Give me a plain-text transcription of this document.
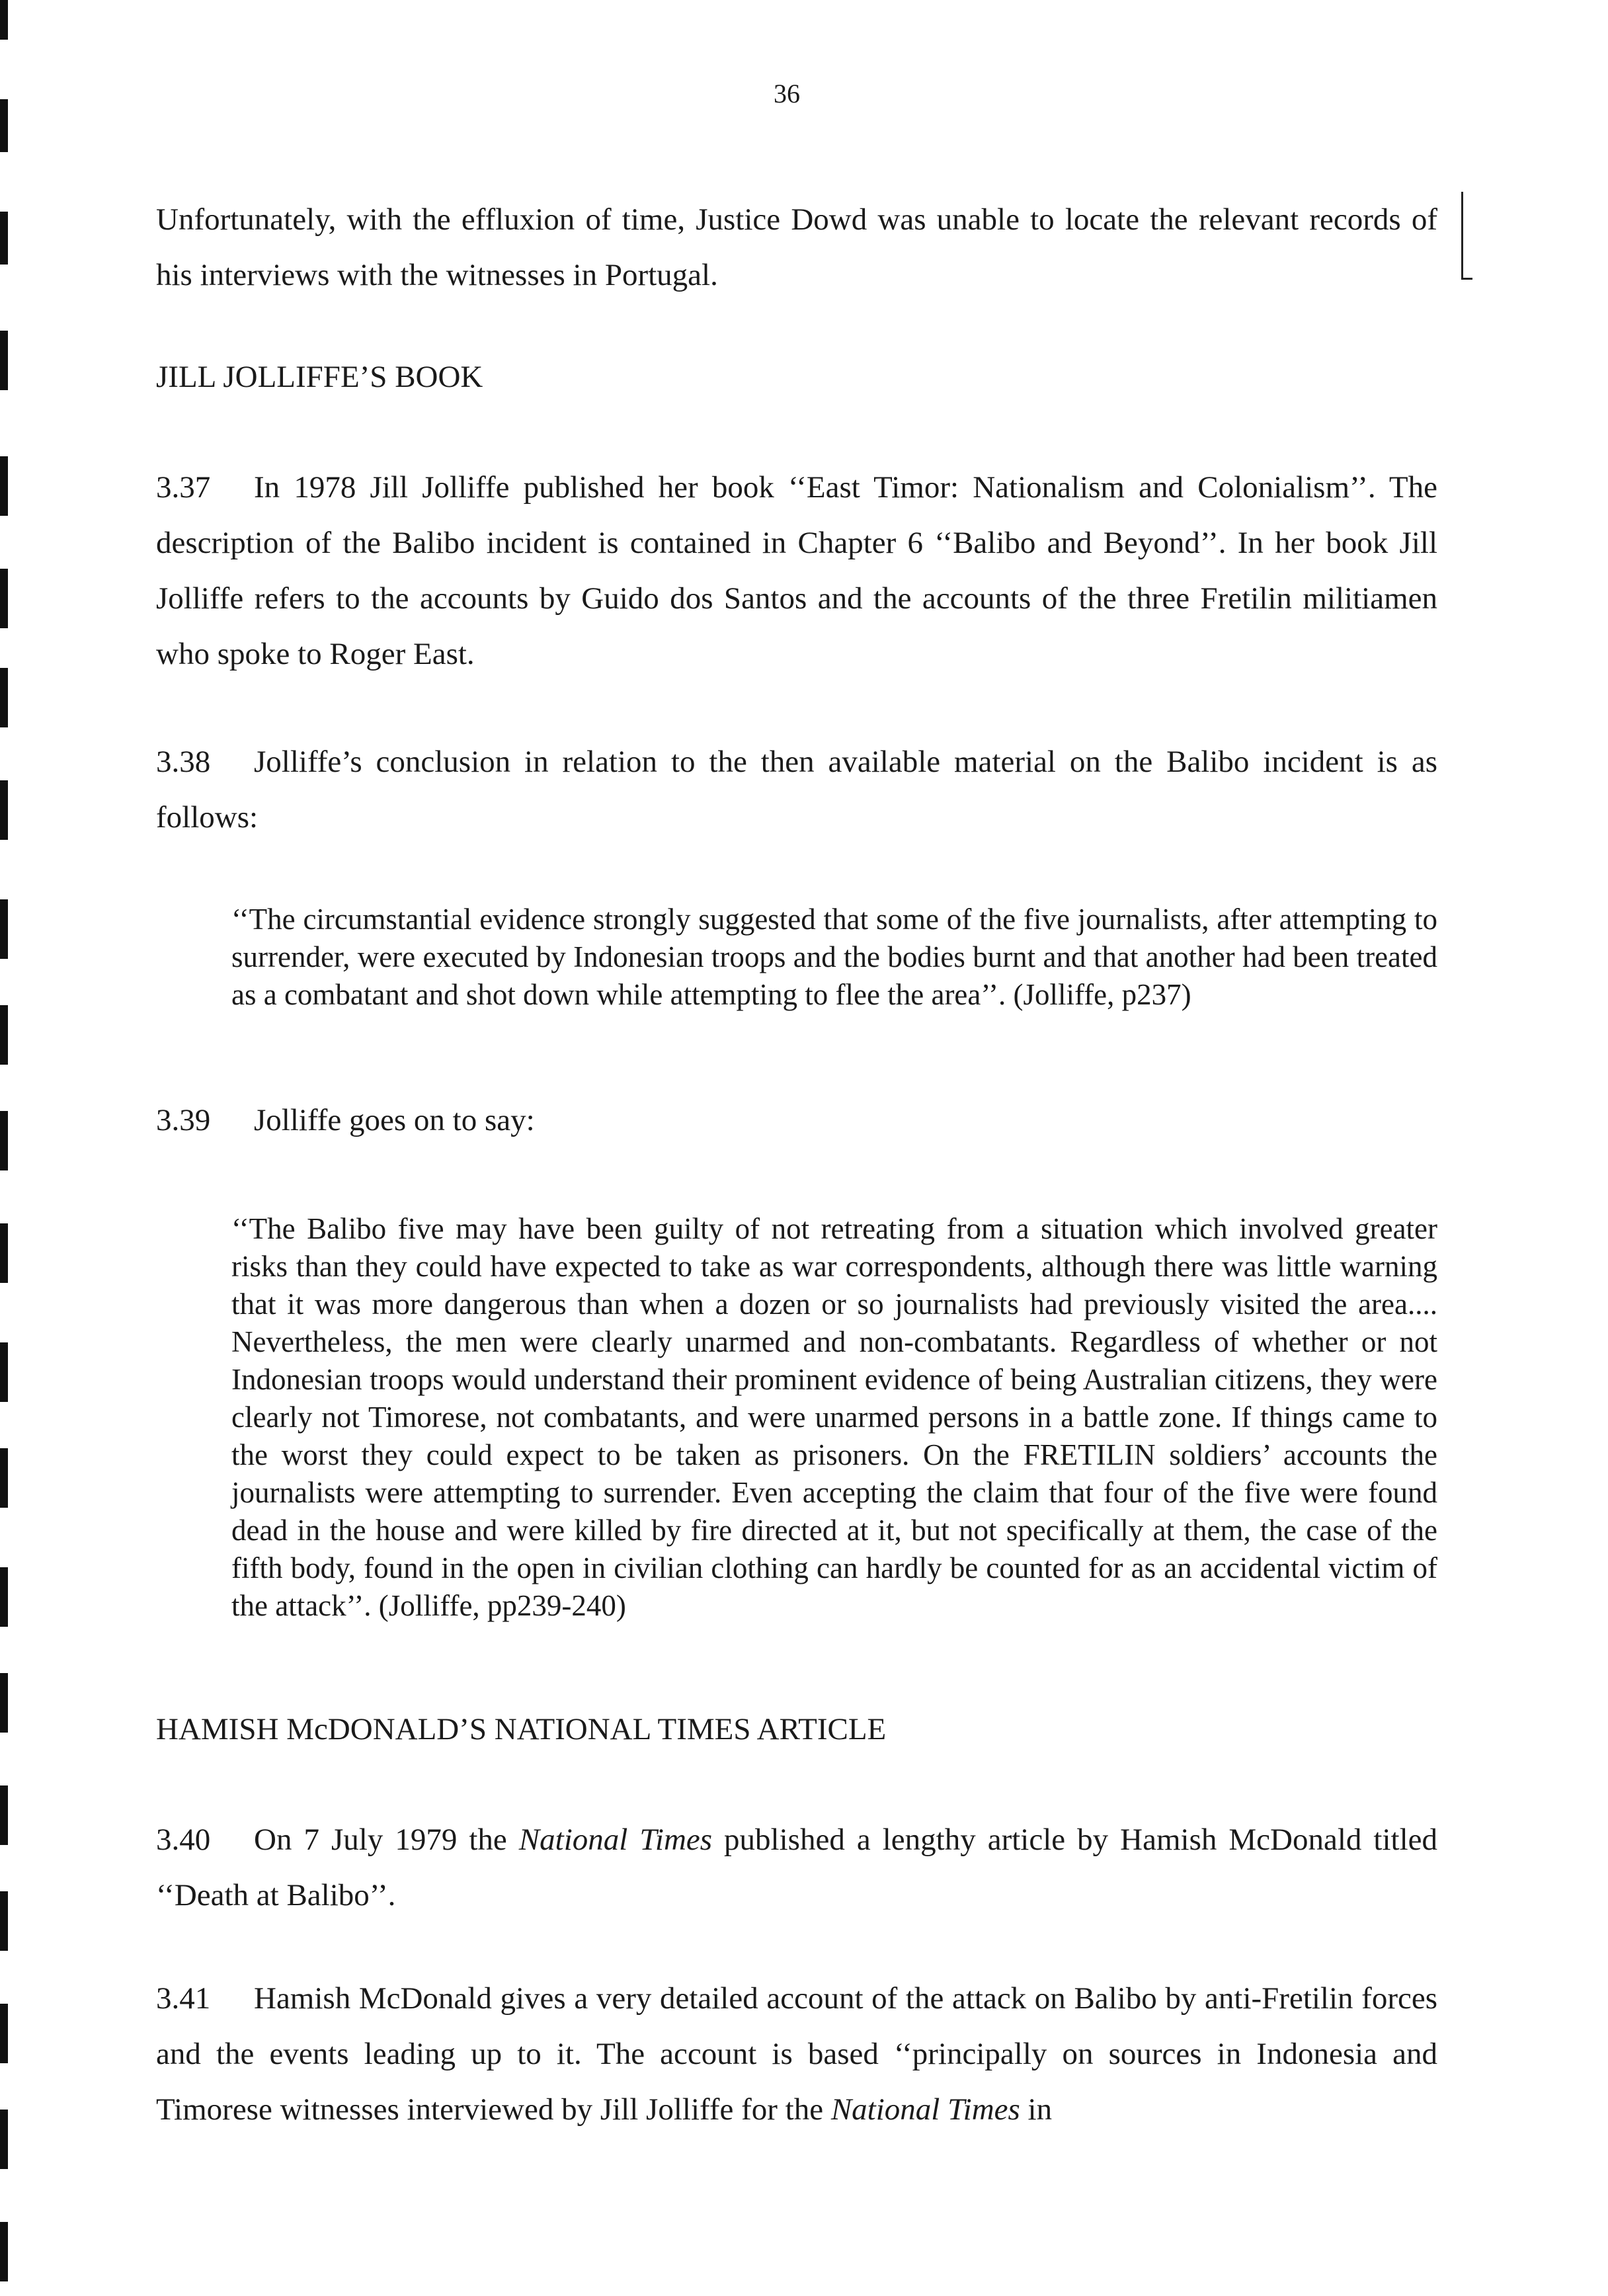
36

Unfortunately, with the effluxion of time, Justice Dowd was unable to locate the relevant records of his interviews with the witnesses in Portugal.

JILL JOLLIFFE’S BOOK

3.37 In 1978 Jill Jolliffe published her book ‘‘East Timor: Nationalism and Colonialism’’. The description of the Balibo incident is contained in Chapter 6 ‘‘Balibo and Beyond’’. In her book Jill Jolliffe refers to the accounts by Guido dos Santos and the accounts of the three Fretilin militiamen who spoke to Roger East.

3.38 Jolliffe’s conclusion in relation to the then available material on the Balibo incident is as follows:

‘‘The circumstantial evidence strongly suggested that some of the five journalists, after attempting to surrender, were executed by Indonesian troops and the bodies burnt and that another had been treated as a combatant and shot down while attempting to flee the area’’. (Jolliffe, p237)

3.39 Jolliffe goes on to say:

‘‘The Balibo five may have been guilty of not retreating from a situation which involved greater risks than they could have expected to take as war correspondents, although there was little warning that it was more dangerous than when a dozen or so journalists had previously visited the area.... Nevertheless, the men were clearly unarmed and non-combatants. Regardless of whether or not Indonesian troops would understand their prominent evidence of being Australian citizens, they were clearly not Timorese, not combatants, and were unarmed persons in a battle zone. If things came to the worst they could expect to be taken as prisoners. On the FRETILIN soldiers’ accounts the journalists were attempting to surrender. Even accepting the claim that four of the five were found dead in the house and were killed by fire directed at it, but not specifically at them, the case of the fifth body, found in the open in civilian clothing can hardly be counted for as an accidental victim of the attack’’. (Jolliffe, pp239-240)

HAMISH McDONALD’S NATIONAL TIMES ARTICLE

3.40 On 7 July 1979 the National Times published a lengthy article by Hamish McDonald titled ‘‘Death at Balibo’’.

3.41 Hamish McDonald gives a very detailed account of the attack on Balibo by anti-Fretilin forces and the events leading up to it. The account is based ‘‘principally on sources in Indonesia and Timorese witnesses interviewed by Jill Jolliffe for the National Times in
